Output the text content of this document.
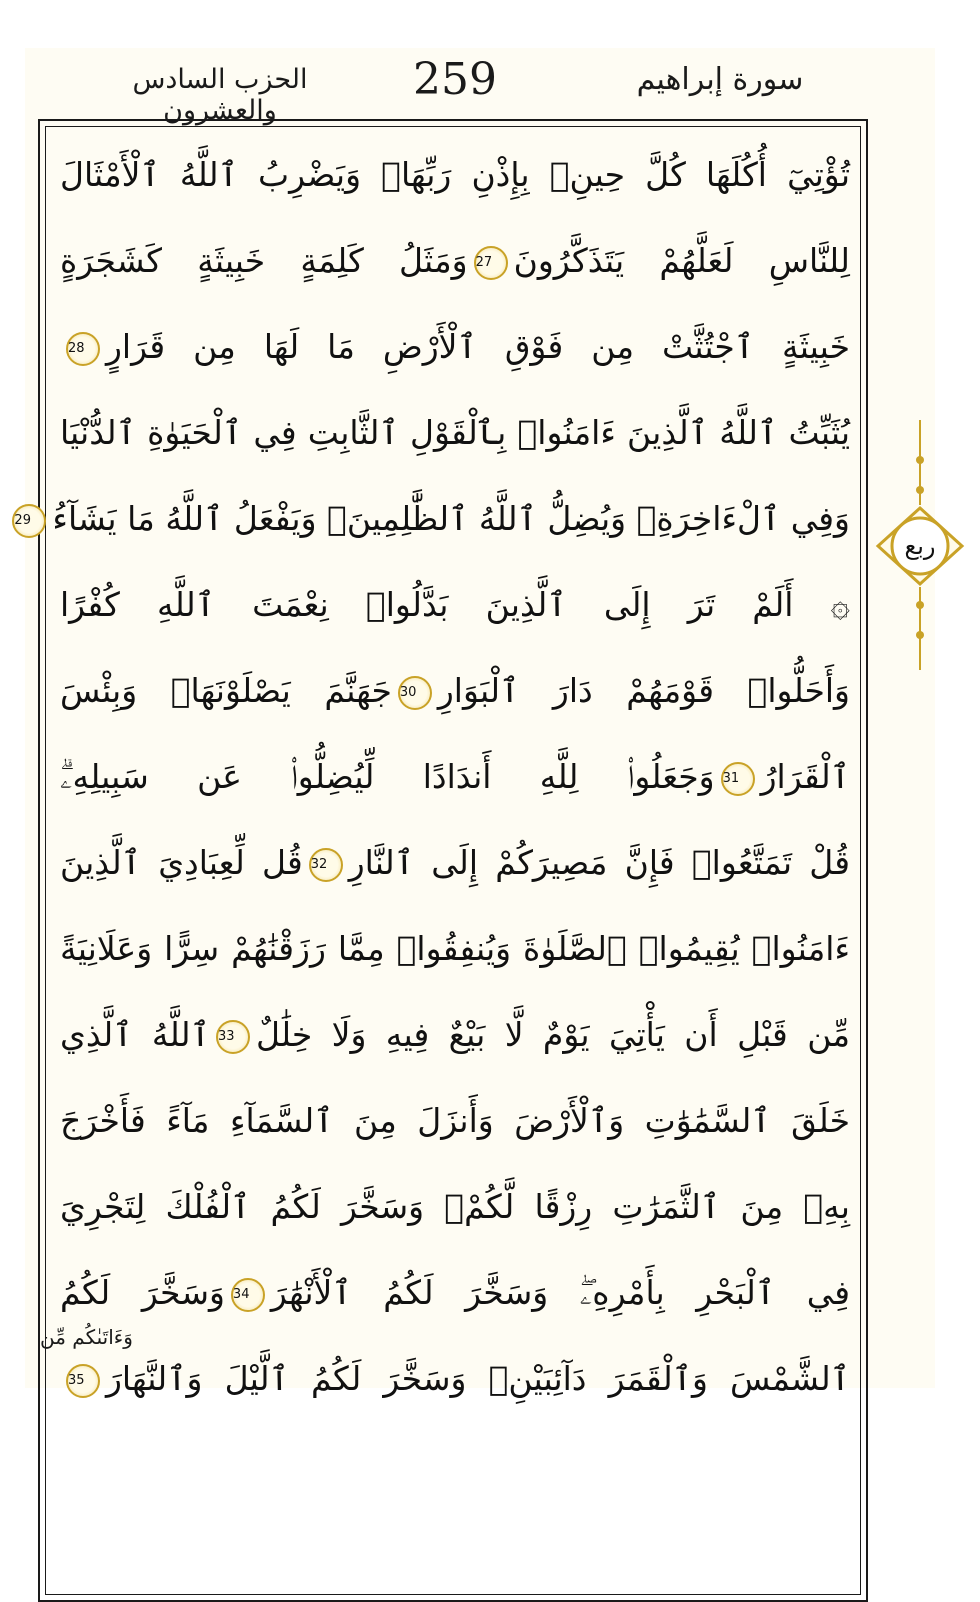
الحزب السادس والعشرون
259	سورة إبراهيم
تُؤْتِيٓ أُكُلَهَا كُلَّ حِينِۭ بِإِذْنِ رَبِّهَاۗ وَيَضْرِبُ ٱللَّهُ ٱلْأَمْثَالَ
لِلنَّاسِ لَعَلَّهُمْ يَتَذَكَّرُونَ27وَمَثَلُ كَلِمَةٍ خَبِيثَةٍ كَشَجَرَةٍ
خَبِيثَةٍ ٱجْتُثَّتْ مِن فَوْقِ ٱلْأَرْضِ مَا لَهَا مِن قَرَارٍ28
يُثَبِّتُ ٱللَّهُ ٱلَّذِينَ ءَامَنُوا۟ بِٱلْقَوْلِ ٱلثَّابِتِ فِي ٱلْحَيَوٰةِ ٱلدُّنْيَا
وَفِي ٱلْءَاخِرَةِۖ وَيُضِلُّ ٱللَّهُ ٱلظَّٰلِمِينَۚ وَيَفْعَلُ ٱللَّهُ مَا يَشَآءُ29
۞ أَلَمْ تَرَ إِلَى ٱلَّذِينَ بَدَّلُوا۟ نِعْمَتَ ٱللَّهِ كُفْرًا
وَأَحَلُّوا۟ قَوْمَهُمْ دَارَ ٱلْبَوَارِ30جَهَنَّمَ يَصْلَوْنَهَاۖ وَبِئْسَ
ٱلْقَرَارُ31وَجَعَلُوا۟ لِلَّهِ أَندَادًا لِّيُضِلُّوا۟ عَن سَبِيلِهِۦۗ
قُلْ تَمَتَّعُوا۟ فَإِنَّ مَصِيرَكُمْ إِلَى ٱلنَّارِ32قُل لِّعِبَادِيَ ٱلَّذِينَ
ءَامَنُوا۟ يُقِيمُوا۟ ٱلصَّلَوٰةَ وَيُنفِقُوا۟ مِمَّا رَزَقْنَٰهُمْ سِرًّا وَعَلَانِيَةً
مِّن قَبْلِ أَن يَأْتِيَ يَوْمٌ لَّا بَيْعٌ فِيهِ وَلَا خِلَٰلٌ33ٱللَّهُ ٱلَّذِي
خَلَقَ ٱلسَّمَٰوَٰتِ وَٱلْأَرْضَ وَأَنزَلَ مِنَ ٱلسَّمَآءِ مَآءً فَأَخْرَجَ
بِهِۦ مِنَ ٱلثَّمَرَٰتِ رِزْقًا لَّكُمْۖ وَسَخَّرَ لَكُمُ ٱلْفُلْكَ لِتَجْرِيَ
فِي ٱلْبَحْرِ بِأَمْرِهِۦۖ وَسَخَّرَ لَكُمُ ٱلْأَنْهَٰرَ34وَسَخَّرَ لَكُمُ
ٱلشَّمْسَ وَٱلْقَمَرَ دَآئِبَيْنِۖ وَسَخَّرَ لَكُمُ ٱلَّيْلَ وَٱلنَّهَارَ35
ربع
وَءَاتَىٰكُم مِّن
